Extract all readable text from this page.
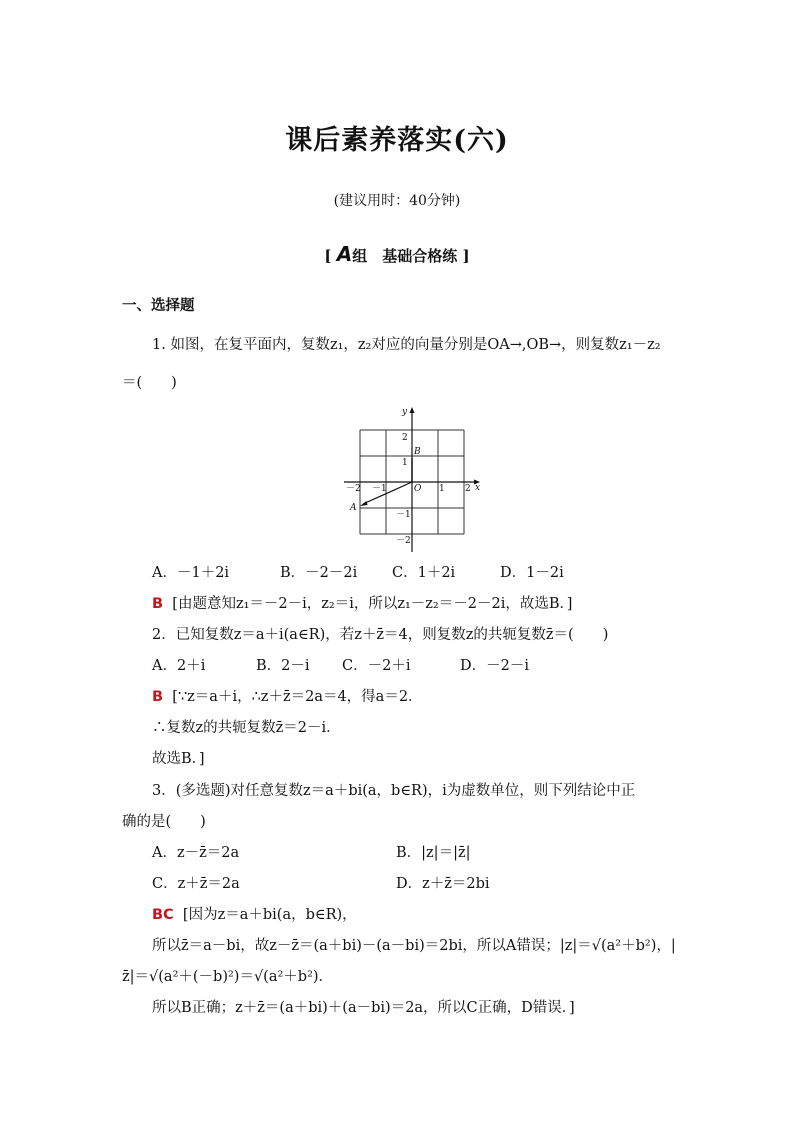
课后素养落实(六)
(建议用时：40分钟)
[ A组　基础合格练 ]
一、选择题
1. 如图，在复平面内，复数z₁，z₂对应的向量分别是OA→,OB→，则复数z₁－z₂
＝(　　)
y
x
O
A
B
2
1
－1
－2
－2 －1	1 2
A．－1＋2i	B．－2－2i C．1＋2i	D．1－2i
B [由题意知z₁＝－2－i，z₂＝i，所以z₁－z₂＝－2－2i，故选B．]
2．已知复数z＝a＋i(a∈R)，若z＋z̄＝4，则复数z的共轭复数z̄＝(　　)
A．2＋i	B．2－i C．－2＋i	D．－2－i
B [∵z＝a＋i，∴z＋z̄＝2a＝4，得a＝2．
∴复数z的共轭复数z̄＝2－i．
故选B．]
3．(多选题)对任意复数z＝a＋bi(a，b∈R)，i为虚数单位，则下列结论中正
确的是(　　)
A．z－z̄＝2a	B．|z|＝|z̄|
C．z＋z̄＝2a	D．z＋z̄＝2bi
BC [因为z＝a＋bi(a，b∈R)，
所以z̄＝a－bi，故z－z̄＝(a＋bi)－(a－bi)＝2bi，所以A错误；|z|＝√(a²＋b²)，|
z̄|＝√(a²＋(－b)²)＝√(a²＋b²)．
所以B正确；z＋z̄＝(a＋bi)＋(a－bi)＝2a，所以C正确，D错误．]
